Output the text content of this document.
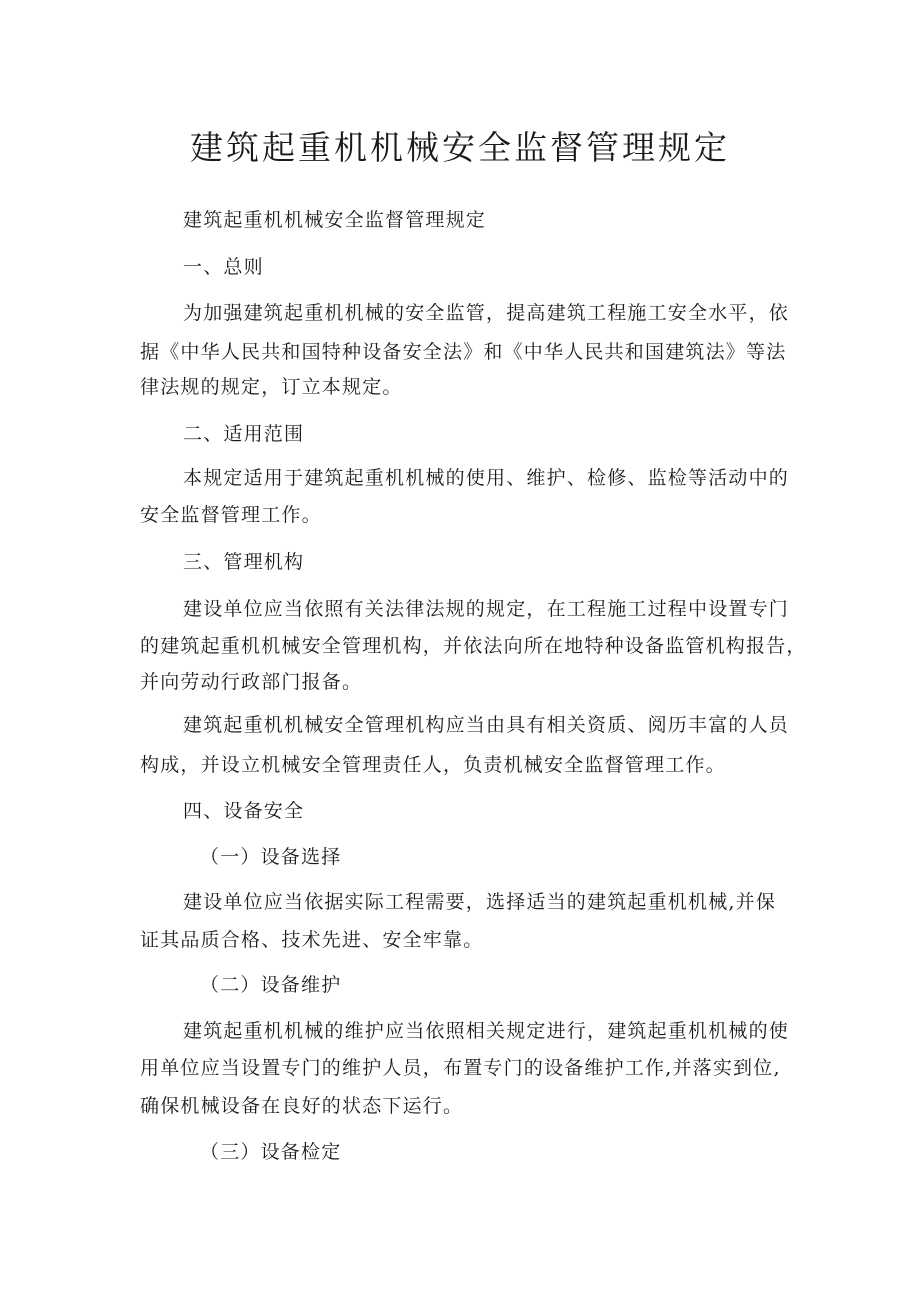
建筑起重机机械安全监督管理规定

建筑起重机机械安全监督管理规定

一、总则

为加强建筑起重机机械的安全监管，提高建筑工程施工安全水平，依

据《中华人民共和国特种设备安全法》和《中华人民共和国建筑法》等法

律法规的规定，订立本规定。

二、适用范围

本规定适用于建筑起重机机械的使用、维护、检修、监检等活动中的

安全监督管理工作。

三、管理机构

建设单位应当依照有关法律法规的规定，在工程施工过程中设置专门

的建筑起重机机械安全管理机构，并依法向所在地特种设备监管机构报告，

并向劳动行政部门报备。

建筑起重机机械安全管理机构应当由具有相关资质、阅历丰富的人员

构成，并设立机械安全管理责任人，负责机械安全监督管理工作。

四、设备安全

（一）设备选择

建设单位应当依据实际工程需要，选择适当的建筑起重机机械,并保

证其品质合格、技术先进、安全牢靠。

（二）设备维护

建筑起重机机械的维护应当依照相关规定进行，建筑起重机机械的使

用单位应当设置专门的维护人员，布置专门的设备维护工作,并落实到位,

确保机械设备在良好的状态下运行。

（三）设备检定
